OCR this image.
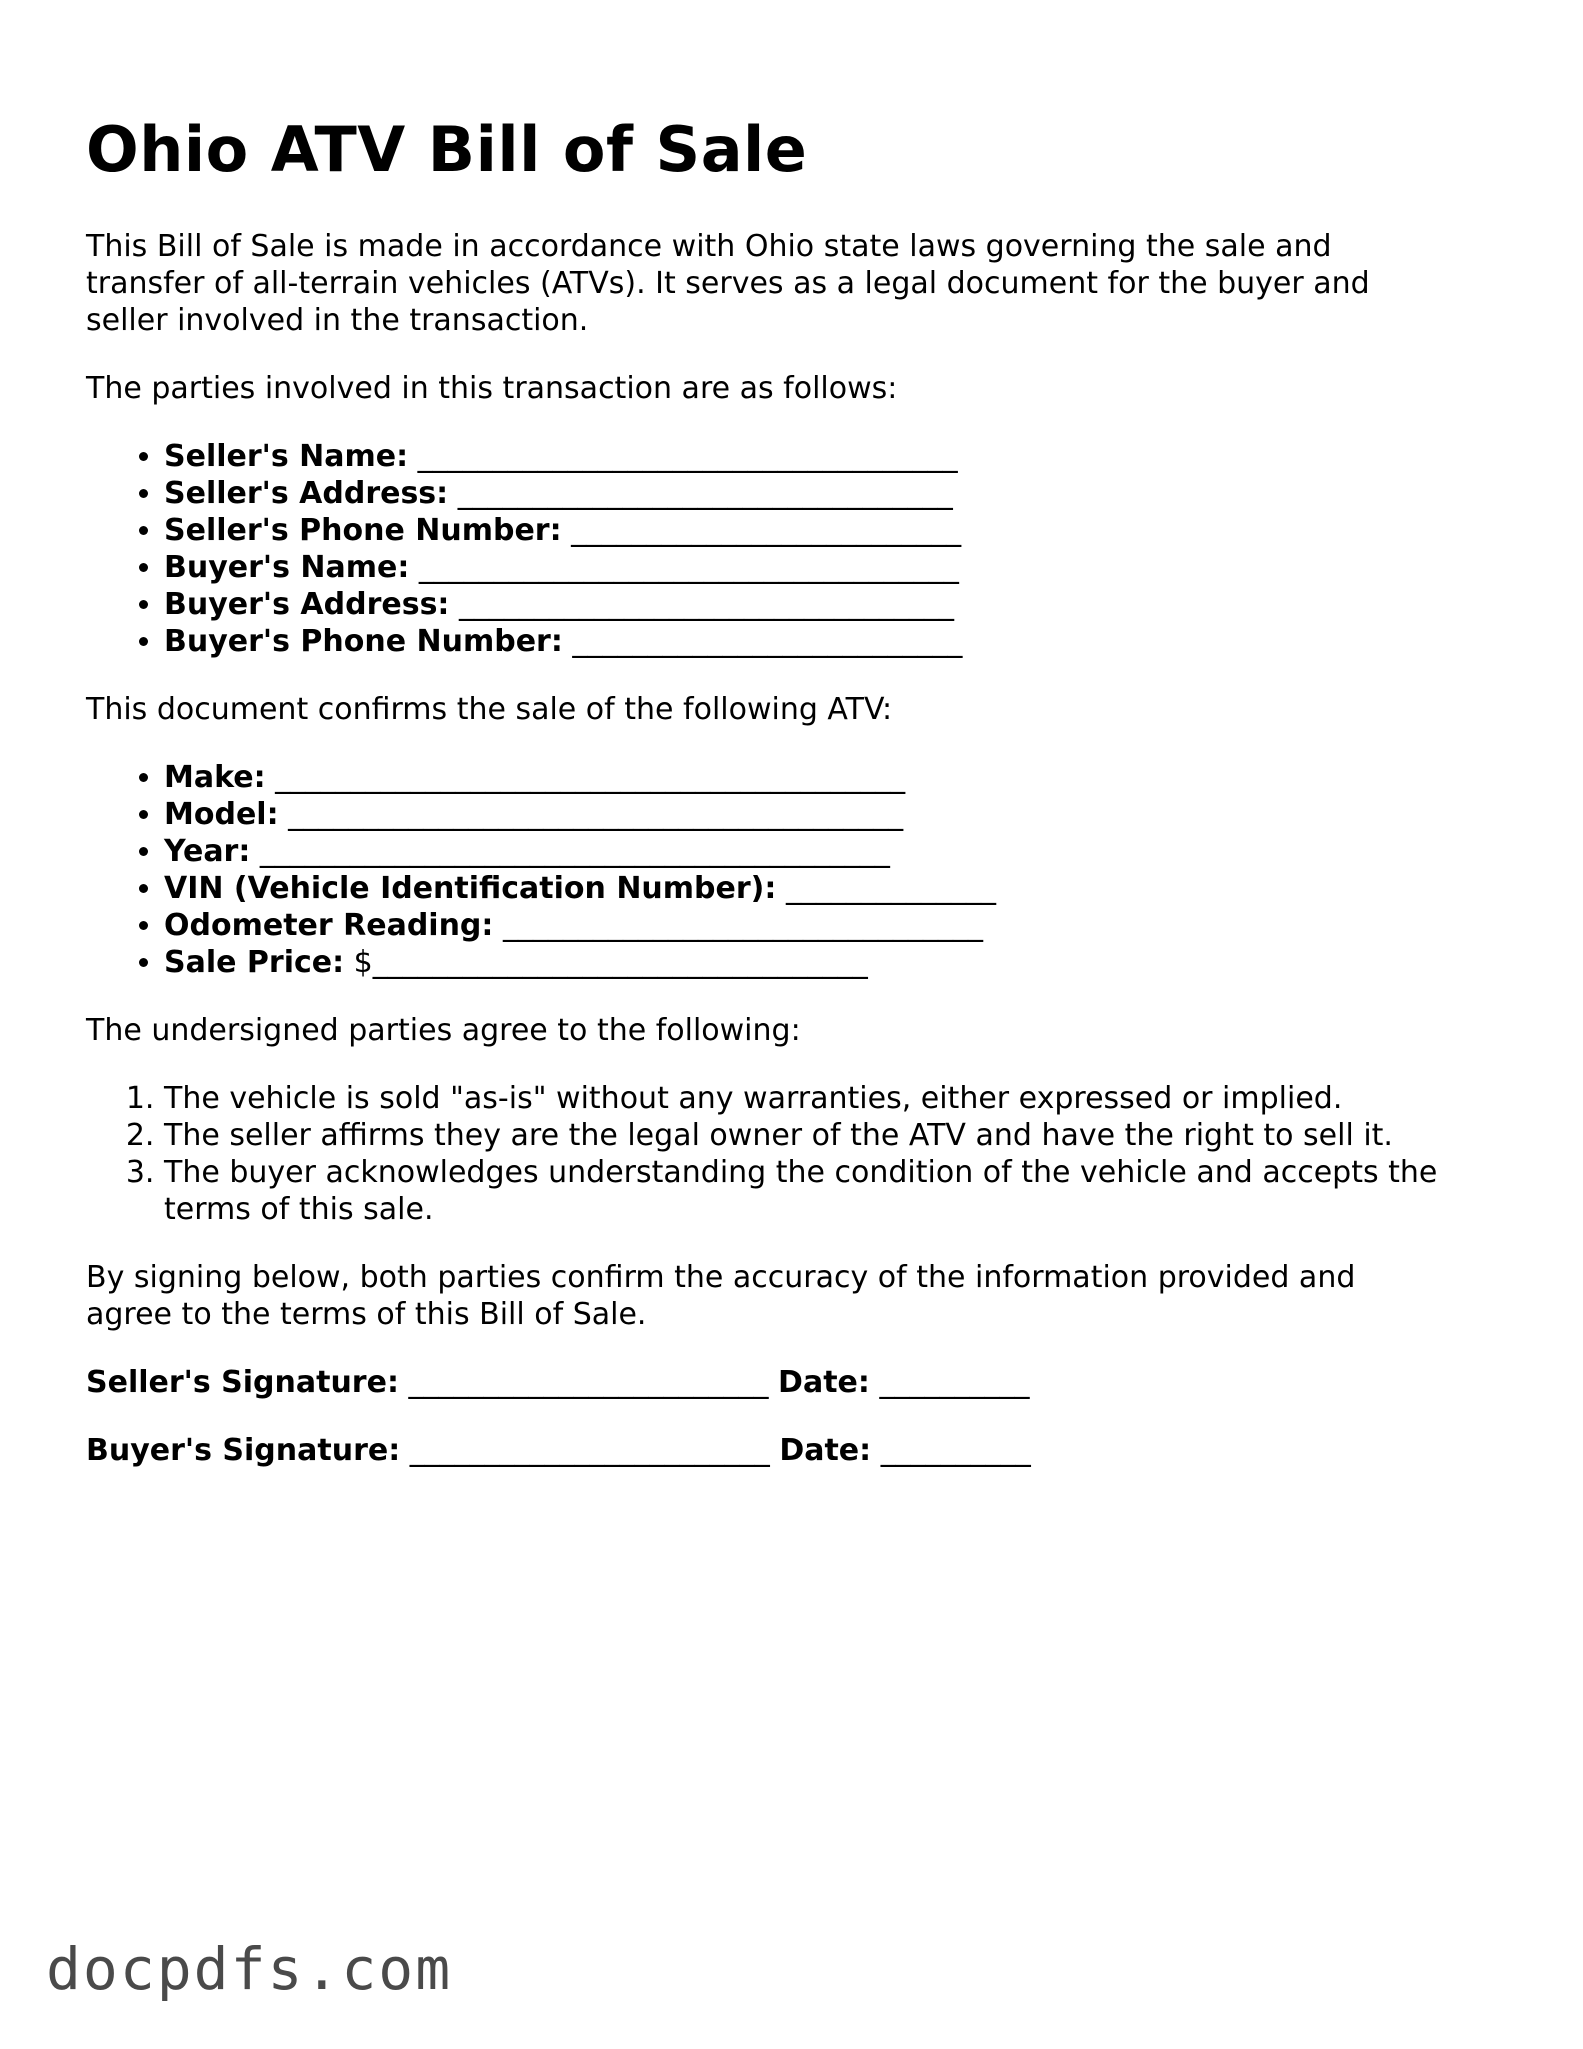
Ohio ATV Bill of Sale

This Bill of Sale is made in accordance with Ohio state laws governing the sale and transfer of all-terrain vehicles (ATVs). It serves as a legal document for the buyer and seller involved in the transaction.

The parties involved in this transaction are as follows:

• Seller's Name: ____________________________________
• Seller's Address: _________________________________
• Seller's Phone Number: __________________________
• Buyer's Name: ____________________________________
• Buyer's Address: _________________________________
• Buyer's Phone Number: __________________________

This document confirms the sale of the following ATV:

• Make: __________________________________________
• Model: _________________________________________
• Year: __________________________________________
• VIN (Vehicle Identification Number): ______________
• Odometer Reading: ________________________________
• Sale Price: $_________________________________

The undersigned parties agree to the following:

1. The vehicle is sold "as-is" without any warranties, either expressed or implied.
2. The seller affirms they are the legal owner of the ATV and have the right to sell it.
3. The buyer acknowledges understanding the condition of the vehicle and accepts the terms of this sale.

By signing below, both parties confirm the accuracy of the information provided and agree to the terms of this Bill of Sale.

Seller's Signature: ________________________ Date: __________
Buyer's Signature: ________________________ Date: __________
docpdfs.com
